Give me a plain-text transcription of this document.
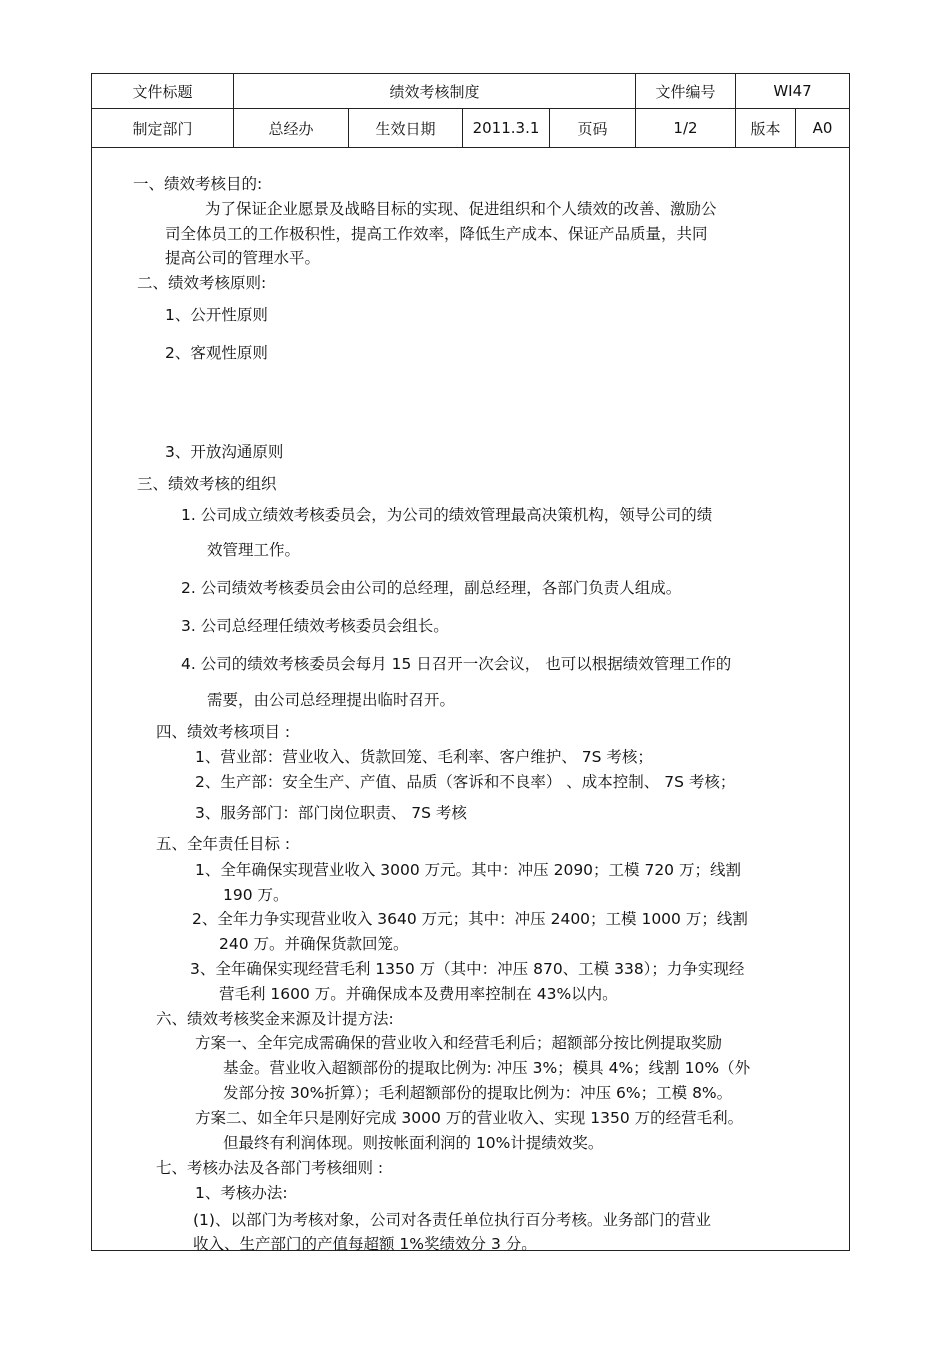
文件标题	绩效考核制度	文件编号	WI47
制定部门	总经办	生效日期	2011.3.1	页码	1/2	版本	A0
一、绩效考核目的:
为了保证企业愿景及战略目标的实现、促进组织和个人绩效的改善、激励公
司全体员工的工作极积性，提高工作效率，降低生产成本、保证产品质量，共同
提高公司的管理水平。
二、绩效考核原则:
1、公开性原则
2、客观性原则
3、开放沟通原则
三、绩效考核的组织
1. 公司成立绩效考核委员会，为公司的绩效管理最高决策机构，领导公司的绩
效管理工作。
2. 公司绩效考核委员会由公司的总经理，副总经理，各部门负责人组成。
3. 公司总经理任绩效考核委员会组长。
4. 公司的绩效考核委员会每月 15 日召开一次会议， 也可以根据绩效管理工作的
需要，由公司总经理提出临时召开。
四、绩效考核项目 :
1、营业部：营业收入、货款回笼、毛利率、客户维护、 7S 考核；
2、生产部：安全生产、产值、品质（客诉和不良率） 、成本控制、 7S 考核；
3、服务部门：部门岗位职责、 7S 考核
五、全年责任目标 :
1、全年确保实现营业收入 3000 万元。其中：冲压 2090；工模 720 万；线割
190 万。
2、全年力争实现营业收入 3640 万元；其中：冲压 2400；工模 1000 万；线割
240 万。并确保货款回笼。
3、全年确保实现经营毛利 1350 万（其中：冲压 870、工模 338）；力争实现经
营毛利 1600 万。并确保成本及费用率控制在 43%以内。
六、绩效考核奖金来源及计提方法:
方案一、全年完成需确保的营业收入和经营毛利后；超额部分按比例提取奖励
基金。营业收入超额部份的提取比例为: 冲压 3%；模具 4%；线割 10%（外
发部分按 30%折算）；毛利超额部份的提取比例为：冲压 6%；工模 8%。
方案二、如全年只是刚好完成 3000 万的营业收入、实现 1350 万的经营毛利。
但最终有利润体现。则按帐面利润的 10%计提绩效奖。
七、考核办法及各部门考核细则 :
1、考核办法:
(1)、以部门为考核对象，公司对各责任单位执行百分考核。业务部门的营业
收入、生产部门的产值每超额 1%奖绩效分 3 分。
